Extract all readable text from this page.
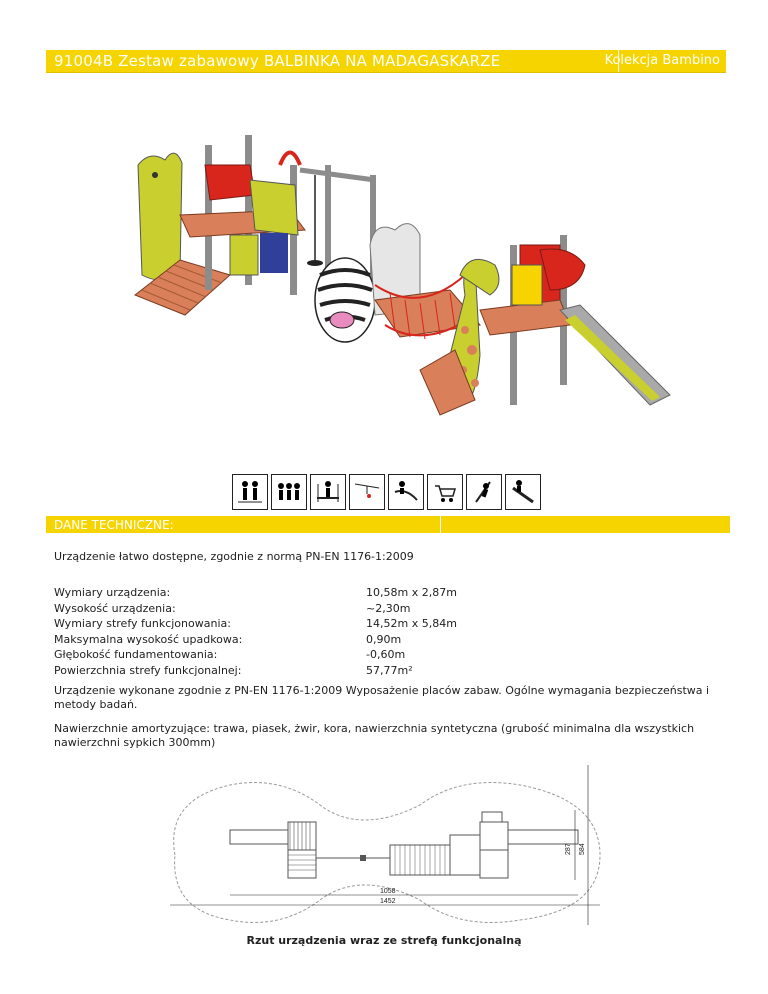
91004B Zestaw zabawowy BALBINKA NA MADAGASKARZE	Kolekcja Bambino
DANE TECHNICZNE:
Urządzenie łatwo dostępne, zgodnie z normą PN-EN 1176-1:2009
Wymiary urządzenia:	10,58m x 2,87m
Wysokość urządzenia:	~2,30m
Wymiary strefy funkcjonowania:	14,52m x 5,84m
Maksymalna wysokość upadkowa:	0,90m
Głębokość fundamentowania:	-0,60m
Powierzchnia strefy funkcjonalnej:	57,77m²
Urządzenie wykonane zgodnie z PN-EN 1176-1:2009 Wyposażenie placów zabaw. Ogólne wymagania bezpieczeństwa i metody badań.
Nawierzchnie amortyzujące: trawa, piasek, żwir, kora, nawierzchnia syntetyczna (grubość minimalna dla wszystkich nawierzchni sypkich 300mm)
1058
1452
287 584
Rzut urządzenia wraz ze strefą funkcjonalną
